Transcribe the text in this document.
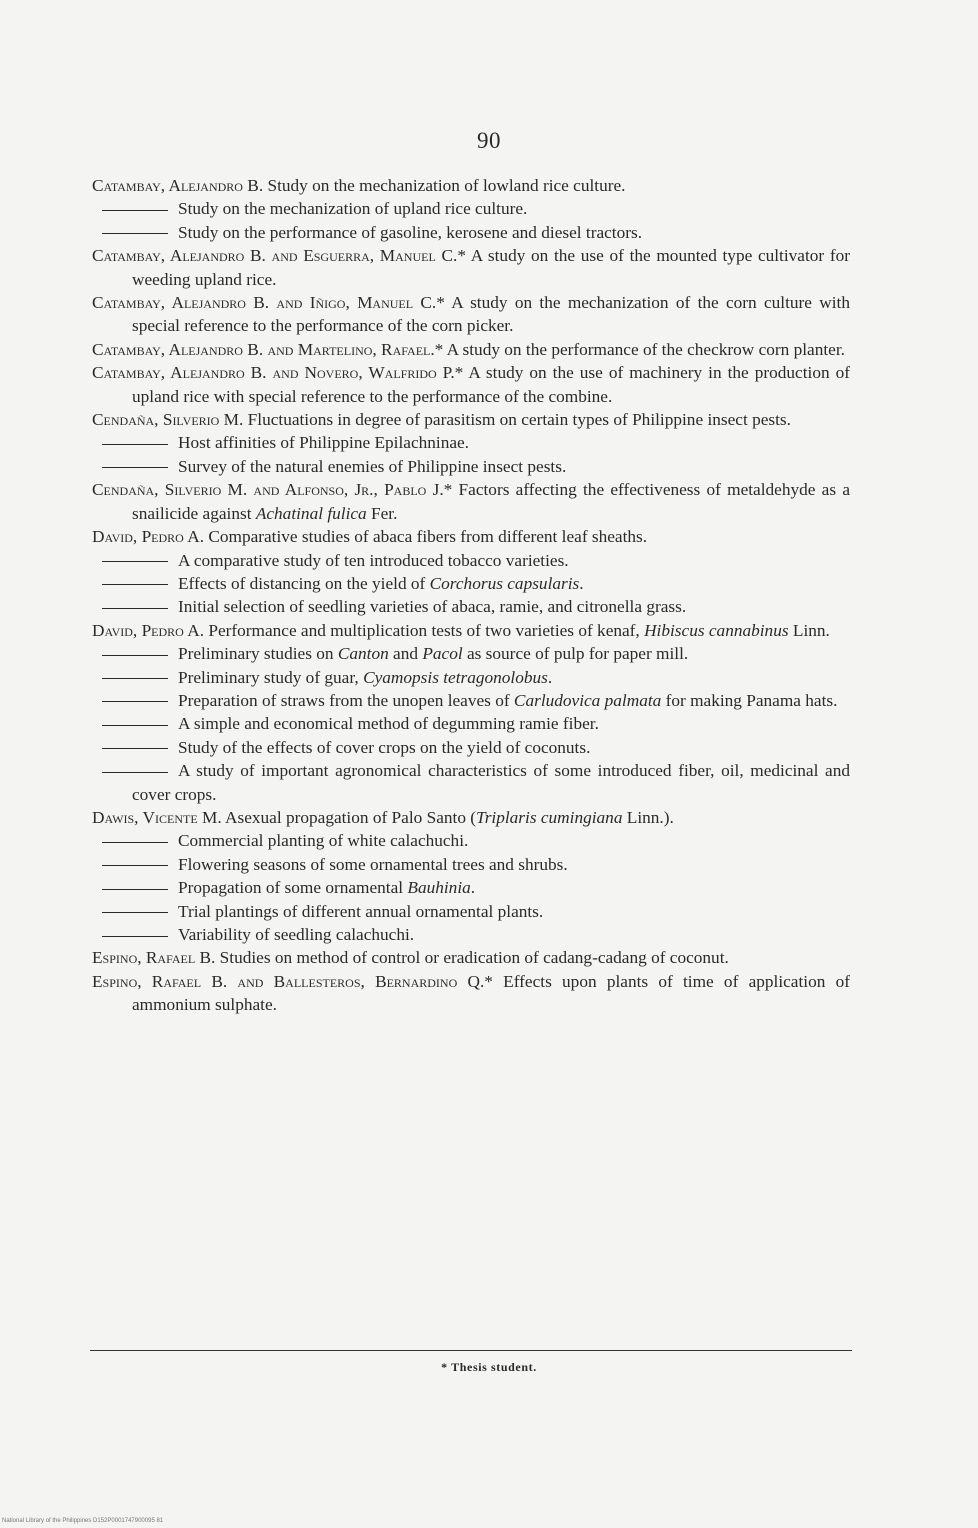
90
Catambay, Alejandro B. Study on the mechanization of lowland rice culture.
Study on the mechanization of upland rice culture.
Study on the performance of gasoline, kerosene and diesel tractors.
Catambay, Alejandro B. and Esguerra, Manuel C.* A study on the use of the mounted type cultivator for weeding upland rice.
Catambay, Alejandro B. and Iñigo, Manuel C.* A study on the mechanization of the corn culture with special reference to the performance of the corn picker.
Catambay, Alejandro B. and Martelino, Rafael.* A study on the performance of the checkrow corn planter.
Catambay, Alejandro B. and Novero, Walfrido P.* A study on the use of machinery in the production of upland rice with special reference to the performance of the combine.
Cendaña, Silverio M. Fluctuations in degree of parasitism on certain types of Philippine insect pests.
Host affinities of Philippine Epilachninae.
Survey of the natural enemies of Philippine insect pests.
Cendaña, Silverio M. and Alfonso, Jr., Pablo J.* Factors affecting the effectiveness of metaldehyde as a snailicide against Achatinal fulica Fer.
David, Pedro A. Comparative studies of abaca fibers from different leaf sheaths.
A comparative study of ten introduced tobacco varieties.
Effects of distancing on the yield of Corchorus capsularis.
Initial selection of seedling varieties of abaca, ramie, and citronella grass.
David, Pedro A. Performance and multiplication tests of two varieties of kenaf, Hibiscus cannabinus Linn.
Preliminary studies on Canton and Pacol as source of pulp for paper mill.
Preliminary study of guar, Cyamopsis tetragonolobus.
Preparation of straws from the unopen leaves of Carludovica palmata for making Panama hats.
A simple and economical method of degumming ramie fiber.
Study of the effects of cover crops on the yield of coconuts.
A study of important agronomical characteristics of some introduced fiber, oil, medicinal and cover crops.
Dawis, Vicente M. Asexual propagation of Palo Santo (Triplaris cumingiana Linn.).
Commercial planting of white calachuchi.
Flowering seasons of some ornamental trees and shrubs.
Propagation of some ornamental Bauhinia.
Trial plantings of different annual ornamental plants.
Variability of seedling calachuchi.
Espino, Rafael B. Studies on method of control or eradication of cadang-cadang of coconut.
Espino, Rafael B. and Ballesteros, Bernardino Q.* Effects upon plants of time of application of ammonium sulphate.
* Thesis student.
National Library of the Philippines D152P0001747900095 81
